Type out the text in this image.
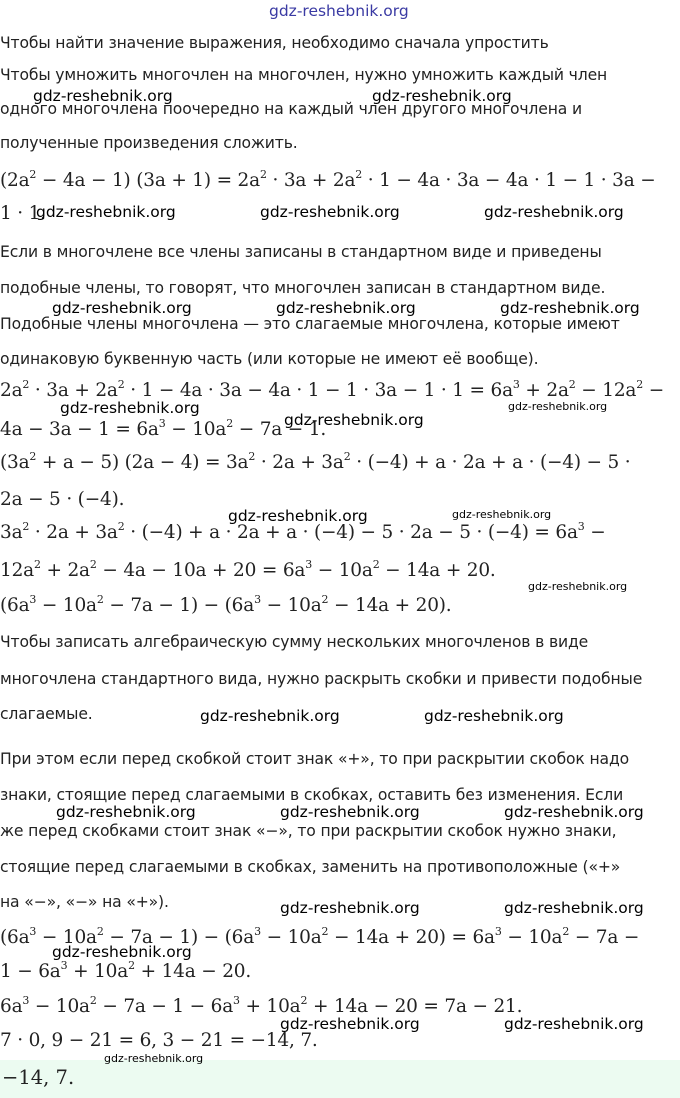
gdz-reshebnik.org
Чтобы найти значение выражения, необходимо сначала упростить
Чтобы умножить многочлен на многочлен, нужно умножить каждый член
одного многочлена поочередно на каждый член другого многочлена и
полученные произведения сложить.
$(2a^2 - 4a - 1) (3a + 1) = 2a^2 \cdot 3a + 2a^2 \cdot 1 - 4a \cdot 3a - 4a \cdot 1 - 1 \cdot 3a$ −
1 · 1.
Если в многочлене все члены записаны в стандартном виде и приведены
подобные члены, то говорят, что многочлен записан в стандартном виде.
Подобные члены многочлена — это слагаемые многочлена, которые имеют
одинаковую буквенную часть (или которые не имеют её вообще).
$2a^2 \cdot 3a + 2a^2 \cdot 1 - 4a \cdot 3a - 4a \cdot 1 - 1 \cdot 3a - 1 \cdot 1 = 6a^3 + 2a^2 - 12a^2$ −
$4a - 3a - 1 = 6a^3 - 10a^2 - 7a - 1$.
$(3a^2 + a - 5) (2a - 4) = 3a^2 \cdot 2a + 3a^2 \cdot (-4) + a \cdot 2a + a \cdot (-4) - 5$ ·
2a − 5 · (−4).
$3a^2 \cdot 2a + 3a^2 \cdot (-4) + a \cdot 2a + a \cdot (-4) - 5 \cdot 2a - 5 \cdot (-4) = 6a^3$ −
$12a^2 + 2a^2 - 4a - 10a + 20 = 6a^3 - 10a^2 - 14a + 20$.
$(6a^3 - 10a^2 - 7a - 1) - (6a^3 - 10a^2 - 14a + 20)$.
Чтобы записать алгебраическую сумму нескольких многочленов в виде
многочлена стандартного вида, нужно раскрыть скобки и привести подобные
слагаемые.
При этом если перед скобкой стоит знак «+», то при раскрытии скобок надо
знаки, стоящие перед слагаемыми в скобках, оставить без изменения. Если
же перед скобками стоит знак «−», то при раскрытии скобок нужно знаки,
стоящие перед слагаемыми в скобках, заменить на противоположные («+»
на «−», «−» на «+»).
$(6a^3 - 10a^2 - 7a - 1) - (6a^3 - 10a^2 - 14a + 20) = 6a^3 - 10a^2 - 7a$ −
$1 - 6a^3 + 10a^2 + 14a - 20$.
$6a^3 - 10a^2 - 7a - 1 - 6a^3 + 10a^2 + 14a - 20 = 7a - 21$.
7 · 0, 9 − 21 = 6, 3 − 21 = −14, 7.
−14, 7.
gdz-reshebnik.org	gdz-reshebnik.org
gdz-reshebnik.org	gdz-reshebnik.org	gdz-reshebnik.org
gdz-reshebnik.org	gdz-reshebnik.org	gdz-reshebnik.org
gdz-reshebnik.org	gdz-reshebnik.org
gdz-reshebnik.org
gdz-reshebnik.org	gdz-reshebnik.org
gdz-reshebnik.org
gdz-reshebnik.org	gdz-reshebnik.org
gdz-reshebnik.org	gdz-reshebnik.org	gdz-reshebnik.org
gdz-reshebnik.org	gdz-reshebnik.org
gdz-reshebnik.org
gdz-reshebnik.org	gdz-reshebnik.org
gdz-reshebnik.org
